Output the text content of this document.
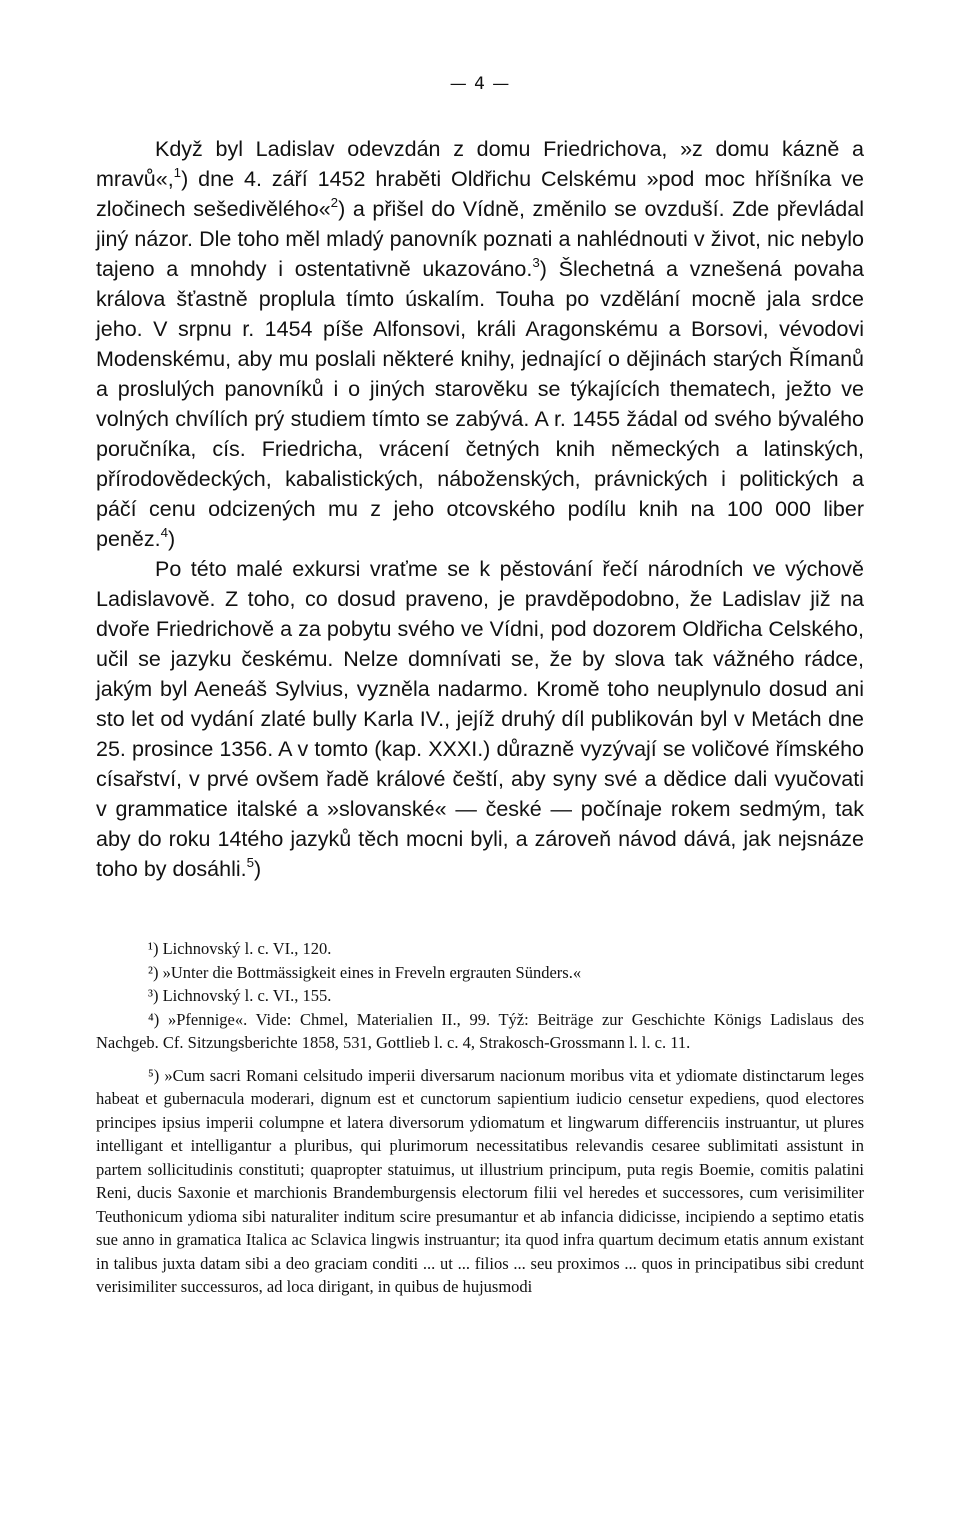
— 4 —

Když byl Ladislav odevzdán z domu Friedrichova, »z domu kázně a mravů«,$^1$) dne 4. září 1452 hraběti Oldřichu Celskému »pod moc hříšníka ve zločinech sešedivělého«$^2$) a přišel do Vídně, změnilo se ovzduší. Zde převládal jiný názor. Dle toho měl mladý panovník poznati a nahlédnouti v život, nic nebylo tajeno a mnohdy i ostentativně ukazováno.$^3$) Šlechetná a vznešená povaha králova šťastně proplula tímto úskalím. Touha po vzdělání mocně jala srdce jeho. V srpnu r. 1454 píše Alfonsovi, králi Aragonskému a Borsovi, vévodovi Modenskému, aby mu poslali některé knihy, jednající o dějinách starých Římanů a proslulých panovníků i o jiných starověku se týkajících thematech, ježto ve volných chvílích prý studiem tímto se zabývá. A r. 1455 žádal od svého bývalého poručníka, cís. Friedricha, vrácení četných knih německých a latinských, přírodovědeckých, kabalistických, náboženských, právnických i politických a páčí cenu odcizených mu z jeho otcovského podílu knih na 100 000 liber peněz.$^4$)

Po této malé exkursi vraťme se k pěstování řečí národních ve výchově Ladislavově. Z toho, co dosud praveno, je pravděpodobno, že Ladislav již na dvoře Friedrichově a za pobytu svého ve Vídni, pod dozorem Oldřicha Celského, učil se jazyku českému. Nelze domnívati se, že by slova tak vážného rádce, jakým byl Aeneáš Sylvius, vyzněla nadarmo. Kromě toho neuplynulo dosud ani sto let od vydání zlaté bully Karla IV., jejíž druhý díl publikován byl v Metách dne 25. prosince 1356. A v tomto (kap. XXXI.) důrazně vyzývají se voličové římského císařství, v prvé ovšem řadě králové čeští, aby syny své a dědice dali vyučovati v grammatice italské a »slovanské« — české — počínaje rokem sedmým, tak aby do roku 14tého jazyků těch mocni byli, a zároveň návod dává, jak nejsnáze toho by dosáhli.$^5$)

¹) Lichnovský l. c. VI., 120.

²) »Unter die Bottmässigkeit eines in Freveln ergrauten Sünders.«

³) Lichnovský l. c. VI., 155.

⁴) »Pfennige«. Vide: Chmel, Materialien II., 99. Týž: Beiträge zur Geschichte Königs Ladislaus des Nachgeb. Cf. Sitzungsberichte 1858, 531, Gottlieb l. c. 4, Strakosch-Grossmann l. l. c. 11.

⁵) »Cum sacri Romani celsitudo imperii diversarum nacionum moribus vita et ydiomate distinctarum leges habeat et gubernacula moderari, dignum est et cunctorum sapientium iudicio censetur expediens, quod electores principes ipsius imperii columpne et latera diversorum ydiomatum et lingwarum differenciis instruantur, ut plures intelligant et intelligantur a pluribus, qui plurimorum necessitatibus relevandis cesaree sublimitati assistunt in partem sollicitudinis constituti; quapropter statuimus, ut illustrium principum, puta regis Boemie, comitis palatini Reni, ducis Saxonie et marchionis Brandemburgensis electorum filii vel heredes et successores, cum verisimiliter Teuthonicum ydioma sibi naturaliter inditum scire presumantur et ab infancia didicisse, incipiendo a septimo etatis sue anno in gramatica Italica ac Sclavica lingwis instruantur; ita quod infra quartum decimum etatis annum existant in talibus juxta datam sibi a deo graciam conditi ... ut ... filios ... seu proximos ... quos in principatibus sibi credunt verisimiliter successuros, ad loca dirigant, in quibus de hujusmodi
